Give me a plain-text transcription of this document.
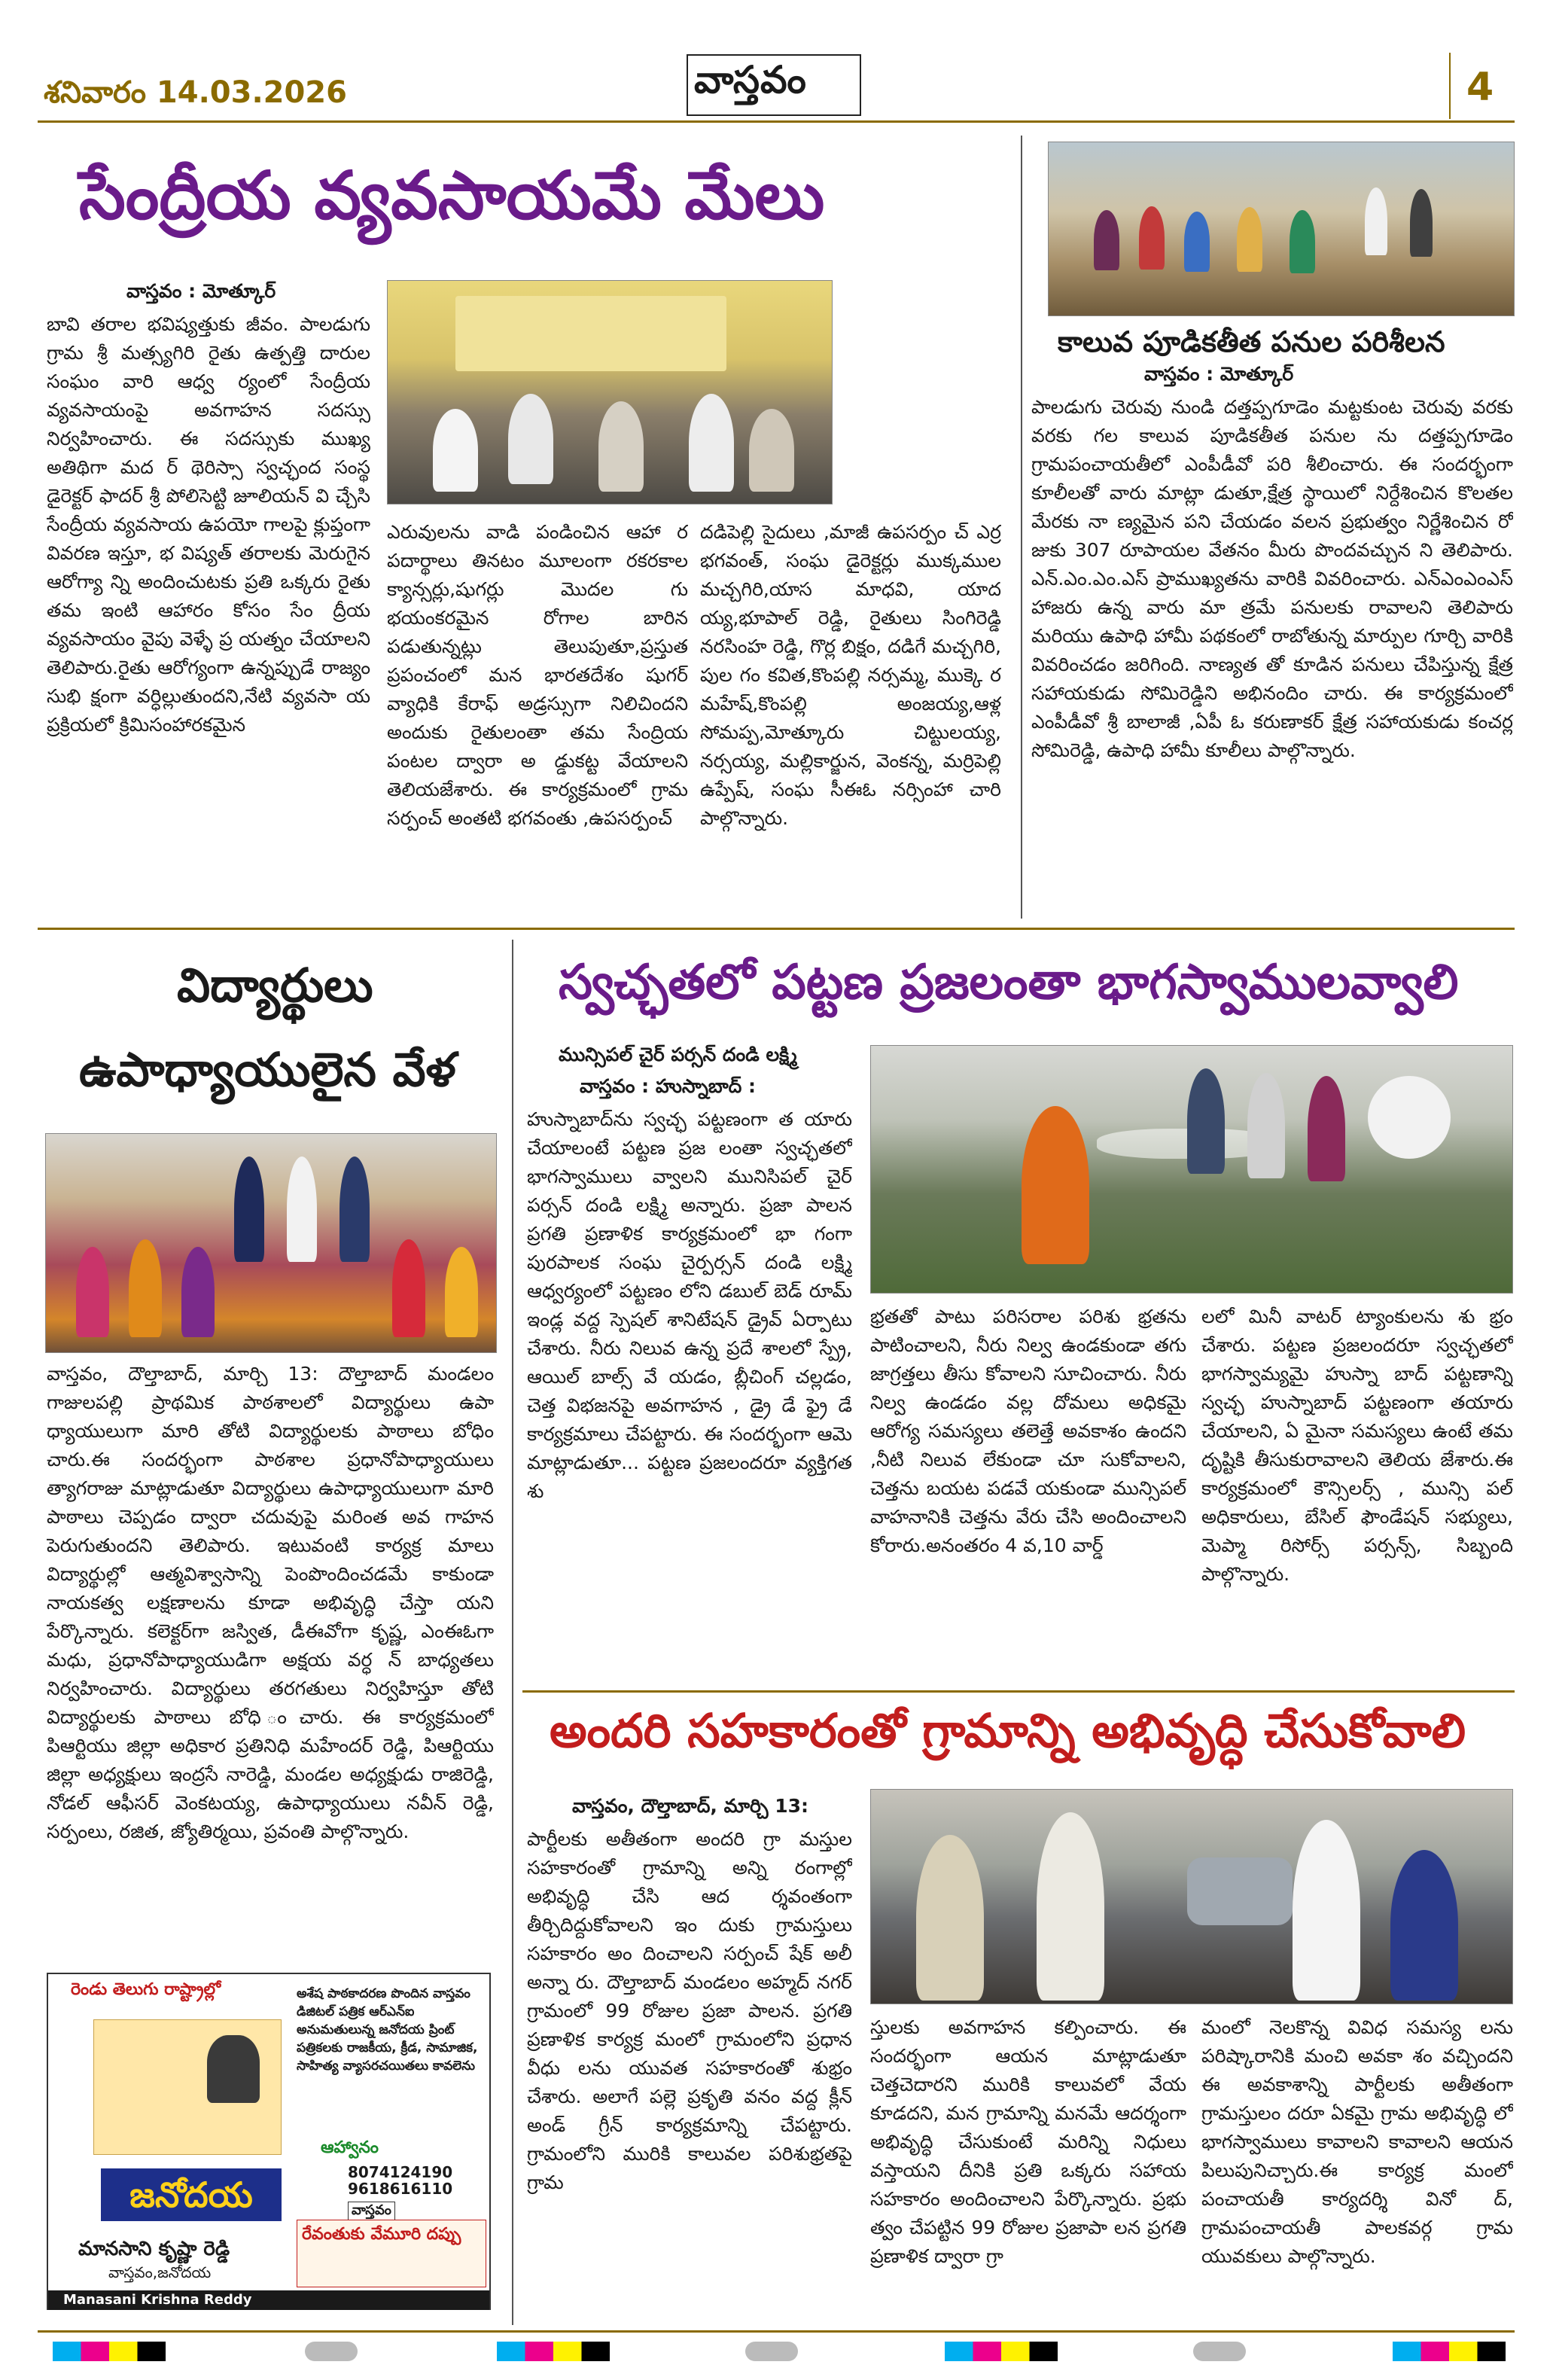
శనివారం 14.03.2026	వాస్తవం	4
సేంద్రీయ వ్యవసాయమే మేలు
వాస్తవం : మోత్కూర్
బావి తరాల భవిష్యత్తుకు జీవం. పాలడుగు గ్రామ శ్రీ మత్స్యగిరి రైతు ఉత్పత్తి దారుల సంఘం వారి ఆధ్వ ర్యంలో సేంద్రీయ వ్యవసాయంపై అవగాహన సదస్సు నిర్వహించారు. ఈ సదస్సుకు ముఖ్య అతిథిగా మద ర్ థెరిస్సా స్వచ్ఛంద సంస్థ డైరెక్టర్ ఫాదర్ శ్రీ పోలిసెట్టి జూలియన్ వి చ్చేసి సేంద్రీయ వ్యవసాయ ఉపయో గాలపై క్లుప్తంగా వివరణ ఇస్తూ, భ విష్యత్ తరాలకు మెరుగైన ఆరోగ్యా న్ని అందించుటకు ప్రతి ఒక్కరు రైతు తమ ఇంటి ఆహారం కోసం సేం ద్రీయ వ్యవసాయం వైపు వెళ్ళే ప్ర యత్నం చేయాలని తెలిపారు.రైతు ఆరోగ్యంగా ఉన్నప్పుడే రాజ్యం సుభి క్షంగా వర్ధిల్లుతుందని,నేటి వ్యవసా య ప్రక్రియలో క్రిమిసంహారకమైన
ఎరువులను వాడి పండించిన ఆహా ర పదార్థాలు తినటం మూలంగా రకరకాల క్యాన్సర్లు,షుగర్లు మొదల గు భయంకరమైన రోగాల బారిన పడుతున్నట్లు తెలుపుతూ,ప్రస్తుత ప్రపంచంలో మన భారతదేశం షుగర్ వ్యాధికి కేరాఫ్ అడ్రస్సుగా నిలిచిందని అందుకు రైతులంతా తమ సేంద్రియ పంటల ద్వారా అ డ్డుకట్ట వేయాలని తెలియజేశారు. ఈ కార్యక్రమంలో గ్రామ సర్పంచ్ అంతటి భగవంతు ,ఉపసర్పంచ్
దడిపెల్లి సైదులు ,మాజీ ఉపసర్పం చ్ ఎర్ర భగవంత్, సంఘ డైరెక్టర్లు ముక్కముల మచ్చగిరి,యాస మాధవి, యాద య్య,భూపాల్ రెడ్డి, రైతులు సింగిరెడ్డి నరసింహ రెడ్డి, గొర్ల బిక్షం, దడిగే మచ్చగిరి, పుల గం కవిత,కొంపల్లి నర్సమ్మ, ముక్కె ర మహేష్,కొంపల్లి అంజయ్య,ఆళ్ల సోమప్ప,మోత్కూరు చిట్టులయ్య, నర్సయ్య, మల్లికార్జున, వెంకన్న, మర్రిపెల్లి ఉప్పేష్, సంఘ సీఈఓ నర్సింహా చారి పాల్గొన్నారు.
కాలువ పూడికతీత పనుల పరిశీలన
వాస్తవం : మోత్కూర్
పాలడుగు చెరువు నుండి దత్తప్పగూడెం మట్టకుంట చెరువు వరకు వరకు గల కాలువ పూడికతీత పనుల ను దత్తప్పగూడెం గ్రామపంచాయతీలో ఎంపీడీవో పరి శీలించారు. ఈ సందర్భంగా కూలీలతో వారు మాట్లా డుతూ,క్షేత్ర స్థాయిలో నిర్దేశించిన కొలతల మేరకు నా ణ్యమైన పని చేయడం వలన ప్రభుత్వం నిర్ణేశించిన రో జుకు 307 రూపాయల వేతనం మీరు పొందవచ్చున ని తెలిపారు. ఎన్.ఎం.ఎం.ఎస్ ప్రాముఖ్యతను వారికి వివరించారు. ఎన్ఎంఎంఎస్ హాజరు ఉన్న వారు మా త్రమే పనులకు రావాలని తెలిపారు మరియు ఉపాధి హామీ పథకంలో రాబోతున్న మార్పుల గూర్చి వారికి వివరించడం జరిగింది. నాణ్యత తో కూడిన పనులు చేపిస్తున్న క్షేత్ర సహాయకుడు సోమిరెడ్డిని అభినందిం చారు. ఈ కార్యక్రమంలో ఎంపీడీవో శ్రీ బాలాజీ ,ఏపీ ఓ కరుణాకర్ క్షేత్ర సహాయకుడు కంచర్ల సోమిరెడ్డి, ఉపాధి హామీ కూలీలు పాల్గొన్నారు.
విద్యార్థులు
ఉపాధ్యాయులైన వేళ
వాస్తవం, దౌల్తాబాద్, మార్చి 13: దౌల్తాబాద్ మండలం గాజులపల్లి ప్రాథమిక పాఠశాలలో విద్యార్థులు ఉపా ధ్యాయులుగా మారి తోటి విద్యార్థులకు పాఠాలు బోధిం చారు.ఈ సందర్భంగా పాఠశాల ప్రధానోపాధ్యాయులు త్యాగరాజు మాట్లాడుతూ విద్యార్థులు ఉపాధ్యాయులుగా మారి పాఠాలు చెప్పడం ద్వారా చదువుపై మరింత అవ గాహన పెరుగుతుందని తెలిపారు. ఇటువంటి కార్యక్ర మాలు విద్యార్థుల్లో ఆత్మవిశ్వాసాన్ని పెంపొందించడమే కాకుండా నాయకత్వ లక్షణాలను కూడా అభివృద్ధి చేస్తా యని పేర్కొన్నారు. కలెక్టర్‌గా జస్విత, డీఈవోగా కృష్ణ, ఎంఈఓగా మధు, ప్రధానోపాధ్యాయుడిగా అక్షయ వర్ధ న్ బాధ్యతలు నిర్వహించారు. విద్యార్థులు తరగతులు నిర్వహిస్తూ తోటి విద్యార్థులకు పాఠాలు బోధి ంచారు. ఈ కార్యక్రమంలో పిఆర్టియు జిల్లా అధికార ప్రతినిధి మహేందర్ రెడ్డి, పిఆర్టియు జిల్లా అధ్యక్షులు ఇంద్రసే నారెడ్డి, మండల అధ్యక్షుడు రాజిరెడ్డి, నోడల్ ఆఫీసర్ వెంకటయ్య, ఉపాధ్యాయులు నవీన్ రెడ్డి, సర్పంలు, రజిత, జ్యోతిర్మయి, ప్రవంతి పాల్గొన్నారు.
స్వచ్ఛతలో పట్టణ ప్రజలంతా భాగస్వాములవ్వాలి
మున్సిపల్ చైర్ పర్సన్ దండి లక్ష్మి
వాస్తవం : హుస్నాబాద్ :
హుస్నాబాద్‌ను స్వచ్ఛ పట్టణంగా త యారు చేయాలంటే పట్టణ ప్రజ లంతా స్వచ్ఛతలో భాగస్వాములు వ్వాలని మునిసిపల్ చైర్ పర్సన్ దండి లక్ష్మి అన్నారు. ప్రజా పాలన ప్రగతి ప్రణాళిక కార్యక్రమంలో భా గంగా పురపాలక సంఘ చైర్పర్సన్ దండి లక్ష్మి ఆధ్వర్యంలో పట్టణం లోని డబుల్ బెడ్ రూమ్ ఇండ్ల వద్ద స్పెషల్ శానిటేషన్ డ్రైవ్ ఏర్పాటు చేశారు. నీరు నిలువ ఉన్న ప్రదే శాలలో స్ప్రే, ఆయిల్ బాల్స్ వే యడం, బ్లీచింగ్ చల్లడం, చెత్త విభజనపై అవగాహన , డ్రై డే ఫ్రై డే కార్యక్రమాలు చేపట్టారు. ఈ సందర్భంగా ఆమె మాట్లాడుతూ... పట్టణ ప్రజలందరూ వ్యక్తిగత శు
భ్రతతో పాటు పరిసరాల పరిశు భ్రతను పాటించాలని, నీరు నిల్వ ఉండకుండా తగు జాగ్రత్తలు తీసు కోవాలని సూచించారు. నీరు నిల్వ ఉండడం వల్ల దోమలు అధికమై ఆరోగ్య సమస్యలు తలెత్తే అవకాశం ఉందని ,నీటి నిలువ లేకుండా చూ సుకోవాలని, చెత్తను బయట పడవే యకుండా మున్సిపల్ వాహనానికి చెత్తను వేరు చేసి అందించాలని కోరారు.అనంతరం 4 వ,10 వార్డ్
లలో మినీ వాటర్ ట్యాంకులను శు భ్రం చేశారు. పట్టణ ప్రజలందరూ స్వచ్ఛతలో భాగస్వామ్యమై హుస్నా బాద్ పట్టణాన్ని స్వచ్ఛ హుస్నాబాద్ పట్టణంగా తయారు చేయాలని, ఏ మైనా సమస్యలు ఉంటే తమ దృష్టికి తీసుకురావాలని తెలియ జేశారు.ఈ కార్యక్రమంలో కౌన్సిలర్స్ , మున్సి పల్ అధికారులు, బేసిల్ ఫౌండేషన్ సభ్యులు, మెప్మా రిసోర్స్ పర్సన్స్, సిబ్బంది పాల్గొన్నారు.
అందరి సహకారంతో గ్రామాన్ని అభివృద్ధి చేసుకోవాలి
వాస్తవం, దౌల్తాబాద్, మార్చి 13:
పార్టీలకు అతీతంగా అందరి గ్రా మస్తుల సహకారంతో గ్రామాన్ని అన్ని రంగాల్లో అభివృద్ధి చేసి ఆద ర్శవంతంగా తీర్చిదిద్దుకోవాలని ఇం దుకు గ్రామస్తులు సహకారం అం దించాలని సర్పంచ్ షేక్ అలీ అన్నా రు. దౌల్తాబాద్ మండలం అహ్మద్ నగర్ గ్రామంలో 99 రోజుల ప్రజా పాలన. ప్రగతి ప్రణాళిక కార్యక్ర మంలో గ్రామంలోని ప్రధాన వీధు లను యువత సహకారంతో శుభ్రం చేశారు. అలాగే పల్లె ప్రకృతి వనం వద్ద క్లీన్ అండ్ గ్రీన్ కార్యక్రమాన్ని చేపట్టారు. గ్రామంలోని మురికి కాలువల పరిశుభ్రతపై గ్రామ
స్తులకు అవగాహన కల్పించారు. ఈ సందర్భంగా ఆయన మాట్లాడుతూ చెత్తచెదారని మురికి కాలువలో వేయ కూడదని, మన గ్రామాన్ని మనమే ఆదర్శంగా అభివృద్ధి చేసుకుంటే మరిన్ని నిధులు వస్తాయని దీనికి ప్రతి ఒక్కరు సహాయ సహకారం అందించాలని పేర్కొన్నారు. ప్రభు త్వం చేపట్టిన 99 రోజుల ప్రజాపా లన ప్రగతి ప్రణాళిక ద్వారా గ్రా
మంలో నెలకొన్న వివిధ సమస్య లను పరిష్కారానికి మంచి అవకా శం వచ్చిందని ఈ అవకాశాన్ని పార్టీలకు అతీతంగా గ్రామస్తులం దరూ ఏకమై గ్రామ అభివృద్ధి లో భాగస్వాములు కావాలని కావాలని ఆయన పిలుపునిచ్చారు.ఈ కార్యక్ర మంలో పంచాయతీ కార్యదర్శి వినో ద్, గ్రామపంచాయతీ పాలకవర్గ గ్రామ యువకులు పాల్గొన్నారు.
రెండు తెలుగు రాష్ట్రాల్లో	అశేష పాఠకాదరణ పొందిన వాస్తవం డిజిటల్ పత్రిక ఆర్ఎన్ఐ అనుమతులున్న జనోదయ ప్రింట్ పత్రికలకు రాజకీయ, క్రీడ, సామాజిక, సాహిత్య వ్యాసరచయితలు కావలెను
జనోదయ
ఆహ్వానం
8074124190
9618616110
వాస్తవం
రేవంతుకు వేమూరి దప్పు
మానసాని కృష్ణా రెడ్డి
వాస్తవం,జనోదయ
Manasani Krishna Reddy
